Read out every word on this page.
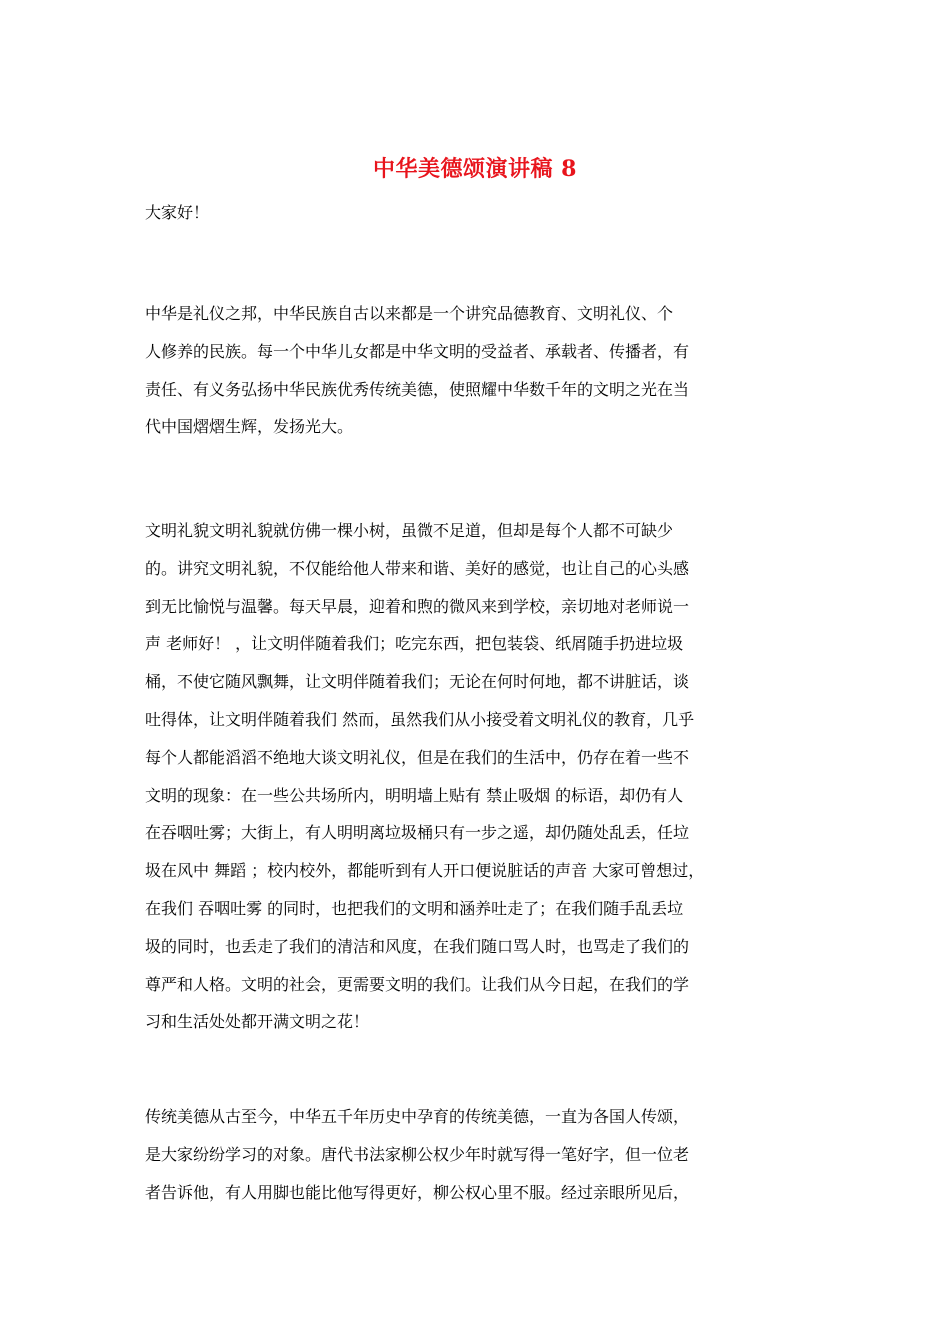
中华美德颂演讲稿 8
大家好！

中华是礼仪之邦，中华民族自古以来都是一个讲究品德教育、文明礼仪、个
人修养的民族。每一个中华儿女都是中华文明的受益者、承载者、传播者，有
责任、有义务弘扬中华民族优秀传统美德，使照耀中华数千年的文明之光在当
代中国熠熠生辉，发扬光大。

文明礼貌文明礼貌就仿佛一棵小树，虽微不足道，但却是每个人都不可缺少
的。讲究文明礼貌，不仅能给他人带来和谐、美好的感觉，也让自己的心头感
到无比愉悦与温馨。每天早晨，迎着和煦的微风来到学校，亲切地对老师说一
声 老师好！ ，让文明伴随着我们；吃完东西，把包装袋、纸屑随手扔进垃圾
桶，不使它随风飘舞，让文明伴随着我们；无论在何时何地，都不讲脏话，谈
吐得体，让文明伴随着我们 然而，虽然我们从小接受着文明礼仪的教育，几乎
每个人都能滔滔不绝地大谈文明礼仪，但是在我们的生活中，仍存在着一些不
文明的现象：在一些公共场所内，明明墙上贴有 禁止吸烟 的标语，却仍有人
在吞咽吐雾；大街上，有人明明离垃圾桶只有一步之遥，却仍随处乱丢，任垃
圾在风中 舞蹈 ；校内校外，都能听到有人开口便说脏话的声音 大家可曾想过，
在我们 吞咽吐雾 的同时，也把我们的文明和涵养吐走了；在我们随手乱丢垃
圾的同时，也丢走了我们的清洁和风度，在我们随口骂人时，也骂走了我们的
尊严和人格。文明的社会，更需要文明的我们。让我们从今日起，在我们的学
习和生活处处都开满文明之花！

传统美德从古至今，中华五千年历史中孕育的传统美德，一直为各国人传颂，
是大家纷纷学习的对象。唐代书法家柳公权少年时就写得一笔好字，但一位老
者告诉他，有人用脚也能比他写得更好，柳公权心里不服。经过亲眼所见后，
